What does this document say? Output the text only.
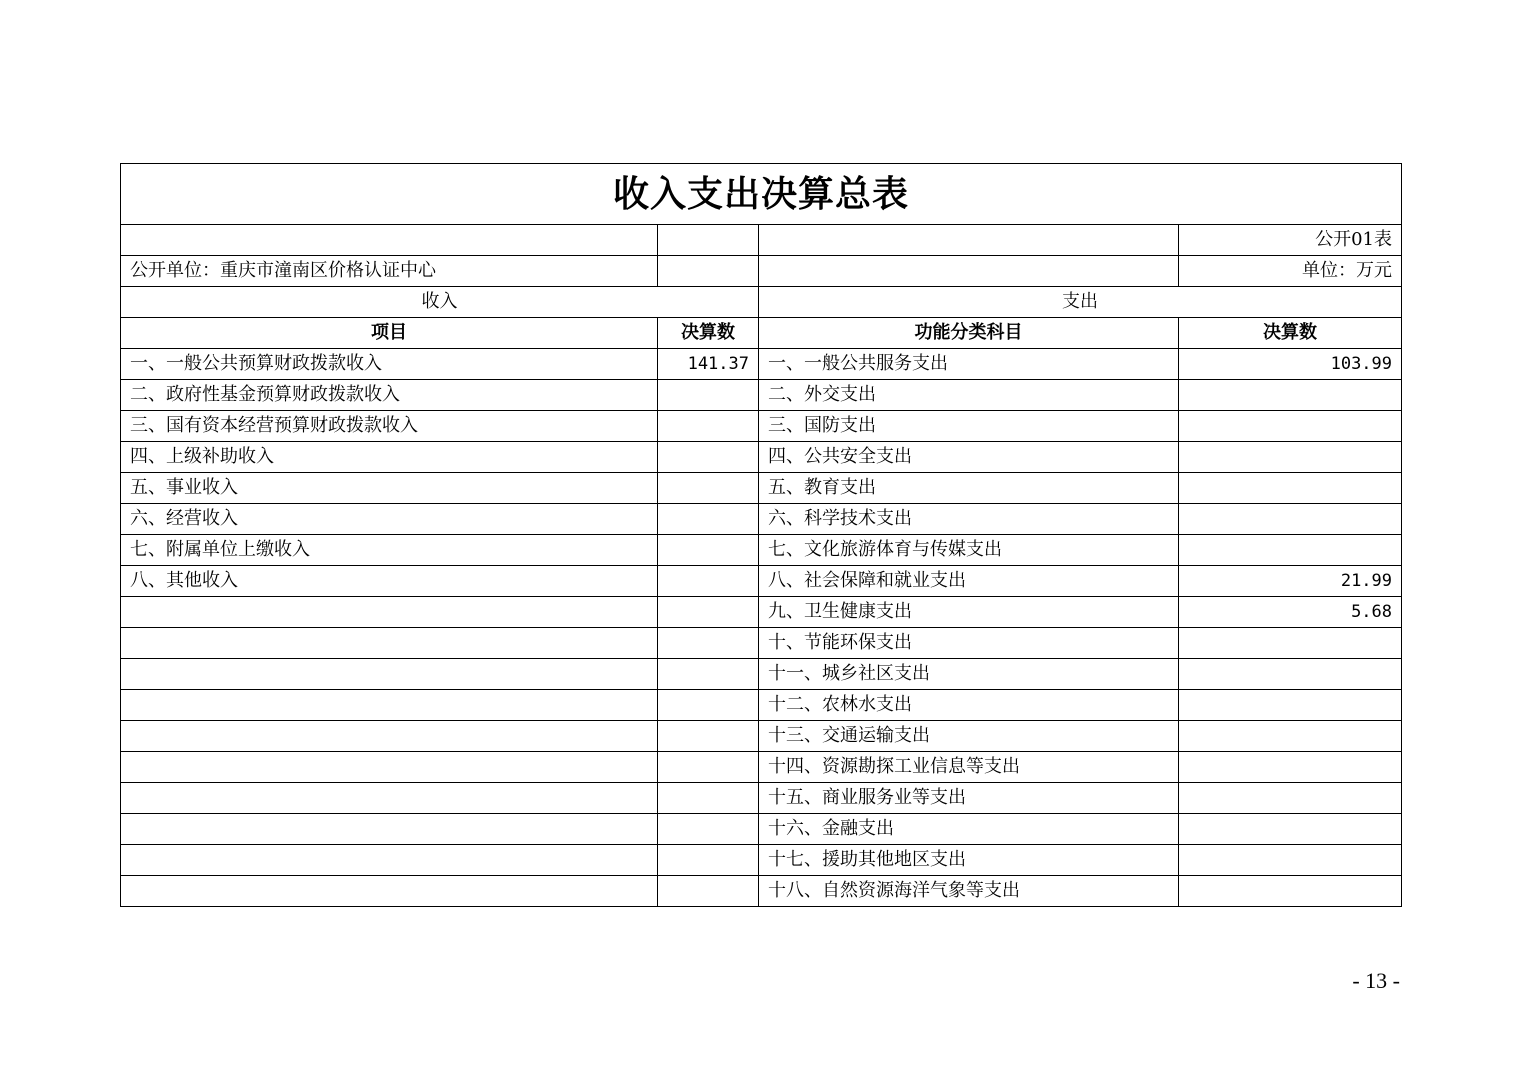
收入支出决算总表			
			公开01表
公开单位：重庆市潼南区价格认证中心			单位：万元
收入		支出	
项目	决算数	功能分类科目	决算数
一、一般公共预算财政拨款收入	141.37	一、一般公共服务支出	103.99
二、政府性基金预算财政拨款收入		二、外交支出	
三、国有资本经营预算财政拨款收入		三、国防支出	
四、上级补助收入		四、公共安全支出	
五、事业收入		五、教育支出	
六、经营收入		六、科学技术支出	
七、附属单位上缴收入		七、文化旅游体育与传媒支出	
八、其他收入		八、社会保障和就业支出	21.99
		九、卫生健康支出	5.68
		十、节能环保支出	
		十一、城乡社区支出	
		十二、农林水支出	
		十三、交通运输支出	
		十四、资源勘探工业信息等支出	
		十五、商业服务业等支出	
		十六、金融支出	
		十七、援助其他地区支出	
		十八、自然资源海洋气象等支出	
- 13 -
